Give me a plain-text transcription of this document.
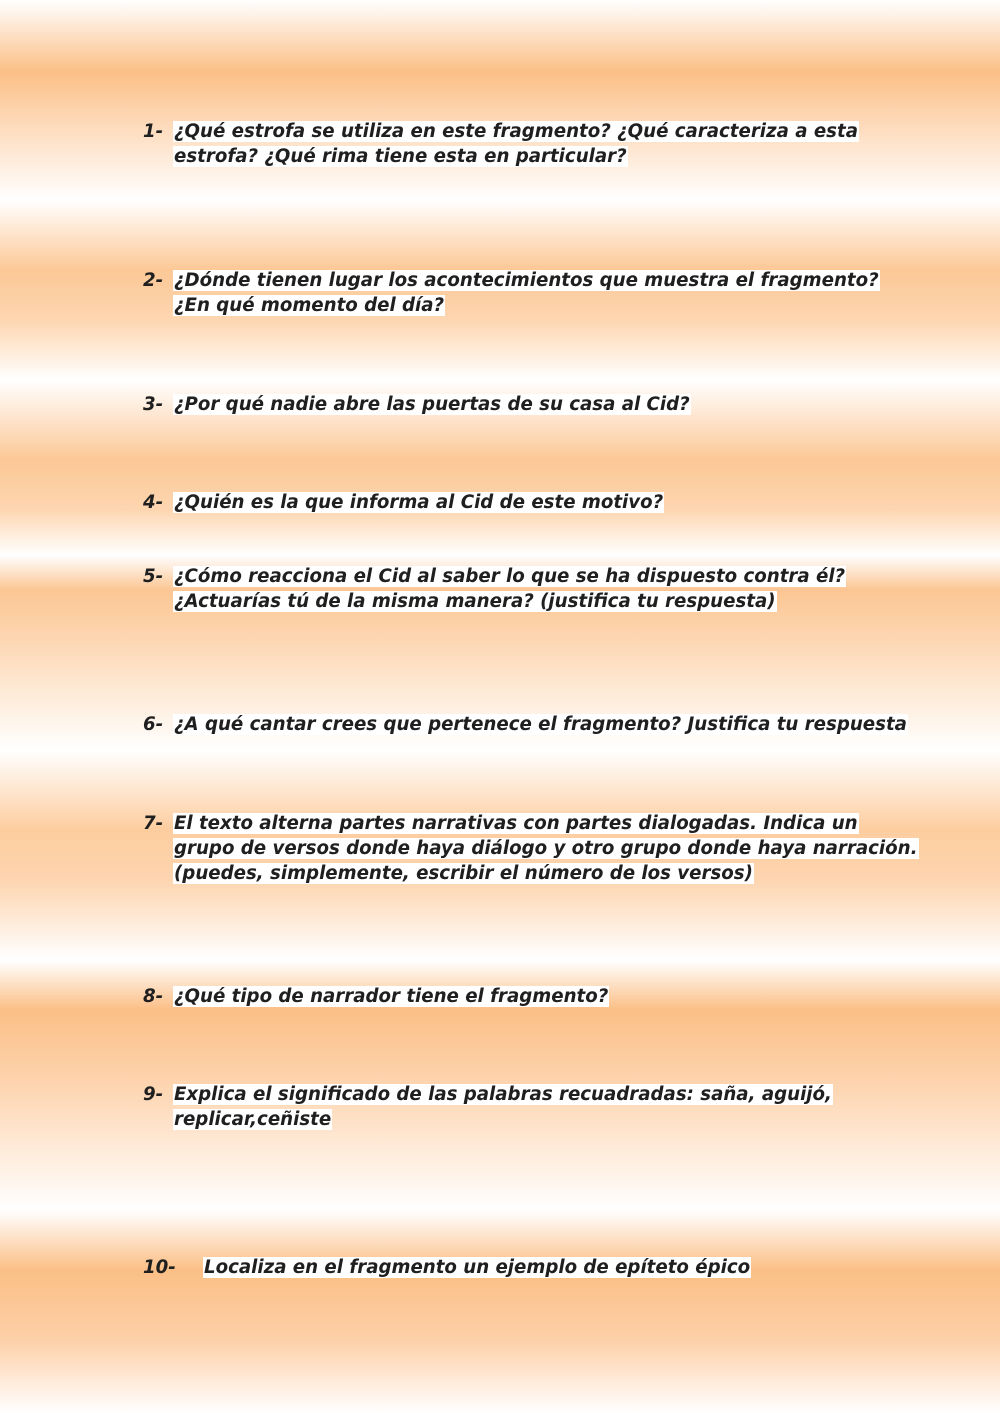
1- ¿Qué estrofa se utiliza en este fragmento? ¿Qué caracteriza a esta estrofa? ¿Qué rima tiene esta en particular?
2- ¿Dónde tienen lugar los acontecimientos que muestra el fragmento? ¿En qué momento del día?
3- ¿Por qué nadie abre las puertas de su casa al Cid?
4- ¿Quién es la que informa al Cid de este motivo?
5- ¿Cómo reacciona el Cid al saber lo que se ha dispuesto contra él? ¿Actuarías tú de la misma manera? (justifica tu respuesta)
6- ¿A qué cantar crees que pertenece el fragmento? Justifica tu respuesta
7- El texto alterna partes narrativas con partes dialogadas. Indica un grupo de versos donde haya diálogo y otro grupo donde haya narración. (puedes, simplemente, escribir el número de los versos)
8- ¿Qué tipo de narrador tiene el fragmento?
9- Explica el significado de las palabras recuadradas: saña, aguijó, replicar,ceñiste
10-	Localiza en el fragmento un ejemplo de epíteto épico
